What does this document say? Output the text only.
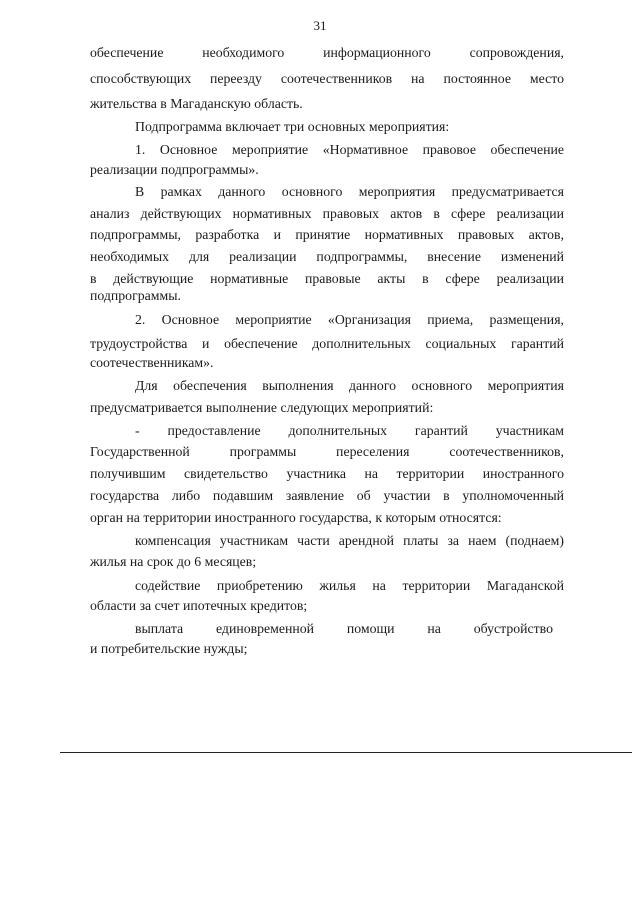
31
обеспечение необходимого информационного сопровождения,
способствующих переезду соотечественников на постоянное место
жительства в Магаданскую область.
Подпрограмма включает три основных мероприятия:
1. Основное мероприятие «Нормативное правовое обеспечение
реализации подпрограммы».
В рамках данного основного мероприятия предусматривается
анализ действующих нормативных правовых актов в сфере реализации
подпрограммы, разработка и принятие нормативных правовых актов,
необходимых для реализации подпрограммы, внесение изменений
в действующие нормативные правовые акты в сфере реализации
подпрограммы.
2. Основное мероприятие «Организация приема, размещения,
трудоустройства и обеспечение дополнительных социальных гарантий
соотечественникам».
Для обеспечения выполнения данного основного мероприятия
предусматривается выполнение следующих мероприятий:
- предоставление дополнительных гарантий участникам
Государственной программы переселения соотечественников,
получившим свидетельство участника на территории иностранного
государства либо подавшим заявление об участии в уполномоченный
орган на территории иностранного государства, к которым относятся:
компенсация участникам части арендной платы за наем (поднаем)
жилья на срок до 6 месяцев;
содействие приобретению жилья на территории Магаданской
области за счет ипотечных кредитов;
выплата единовременной помощи на обустройство
и потребительские нужды;
